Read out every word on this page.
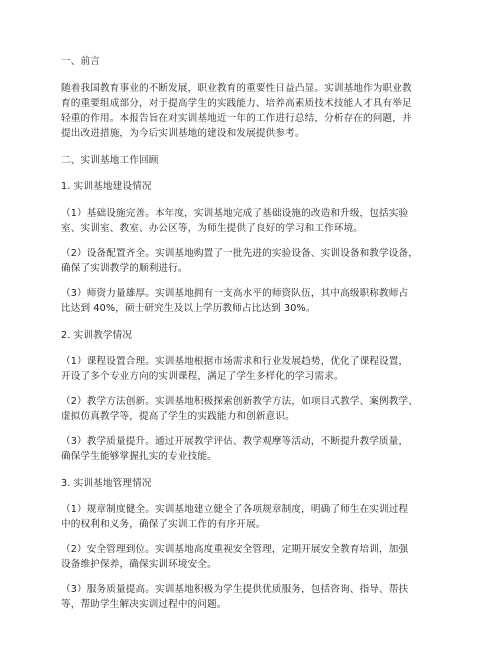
一、前言
随着我国教育事业的不断发展，职业教育的重要性日益凸显。实训基地作为职业教
育的重要组成部分，对于提高学生的实践能力、培养高素质技术技能人才具有举足
轻重的作用。本报告旨在对实训基地近一年的工作进行总结，分析存在的问题，并
提出改进措施，为今后实训基地的建设和发展提供参考。
二、实训基地工作回顾
1. 实训基地建设情况
（1）基础设施完善。本年度，实训基地完成了基础设施的改造和升级，包括实验
室、实训室、教室、办公区等，为师生提供了良好的学习和工作环境。
（2）设备配置齐全。实训基地购置了一批先进的实验设备、实训设备和教学设备，
确保了实训教学的顺利进行。
（3）师资力量雄厚。实训基地拥有一支高水平的师资队伍，其中高级职称教师占
比达到 40%，硕士研究生及以上学历教师占比达到 30%。
2. 实训教学情况
（1）课程设置合理。实训基地根据市场需求和行业发展趋势，优化了课程设置，
开设了多个专业方向的实训课程，满足了学生多样化的学习需求。
（2）教学方法创新。实训基地积极探索创新教学方法，如项目式教学、案例教学、
虚拟仿真教学等，提高了学生的实践能力和创新意识。
（3）教学质量提升。通过开展教学评估、教学观摩等活动，不断提升教学质量，
确保学生能够掌握扎实的专业技能。
3. 实训基地管理情况
（1）规章制度健全。实训基地建立健全了各项规章制度，明确了师生在实训过程
中的权利和义务，确保了实训工作的有序开展。
（2）安全管理到位。实训基地高度重视安全管理，定期开展安全教育培训，加强
设备维护保养，确保实训环境安全。
（3）服务质量提高。实训基地积极为学生提供优质服务，包括咨询、指导、帮扶
等，帮助学生解决实训过程中的问题。
